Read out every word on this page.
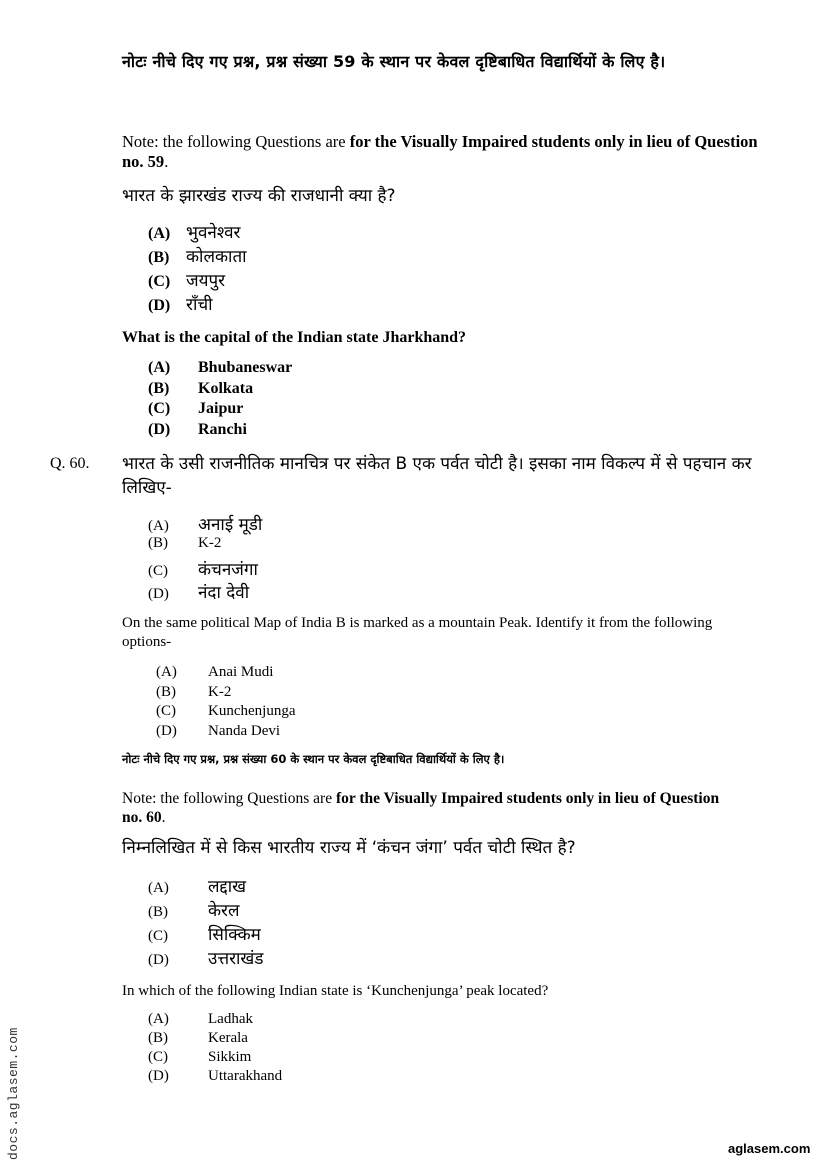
नोटः नीचे दिए गए प्रश्न, प्रश्न संख्या 59 के स्थान पर केवल दृष्टिबाधित विद्यार्थियों के लिए है।
Note: the following Questions are for the Visually Impaired students only in lieu of Question no. 59.
भारत के झारखंड राज्य की राजधानी क्या है?
(A) भुवनेश्वर
(B) कोलकाता
(C) जयपुर
(D) राँची
What is the capital of the Indian state Jharkhand?
(A)	Bhubaneswar
(B)	Kolkata
(C)	Jaipur
(D)	Ranchi
Q. 60. भारत के उसी राजनीतिक मानचित्र पर संकेत B एक पर्वत चोटी है। इसका नाम विकल्प में से पहचान कर लिखिए-
(A)	अनाई मूडी
(B)	K-2
(C)	कंचनजंगा
(D)	नंदा देवी
On the same political Map of India B is marked as a mountain Peak. Identify it from the following options-
(A)	Anai Mudi
(B)	K-2
(C)	Kunchenjunga
(D)	Nanda Devi
नोटः नीचे दिए गए प्रश्न, प्रश्न संख्या 60 के स्थान पर केवल दृष्टिबाधित विद्यार्थियों के लिए है।
Note: the following Questions are for the Visually Impaired students only in lieu of Question no. 60.
निम्नलिखित में से किस भारतीय राज्य में ‘कंचन जंगा’ पर्वत चोटी स्थित है?
(A)	लद्दाख
(B)	केरल
(C)	सिक्किम
(D)	उत्तराखंड
In which of the following Indian state is ‘Kunchenjunga’ peak located?
(A)	Ladhak
(B)	Kerala
(C)	Sikkim
(D)	Uttarakhand
docs.aglasem.com	aglasem.com
